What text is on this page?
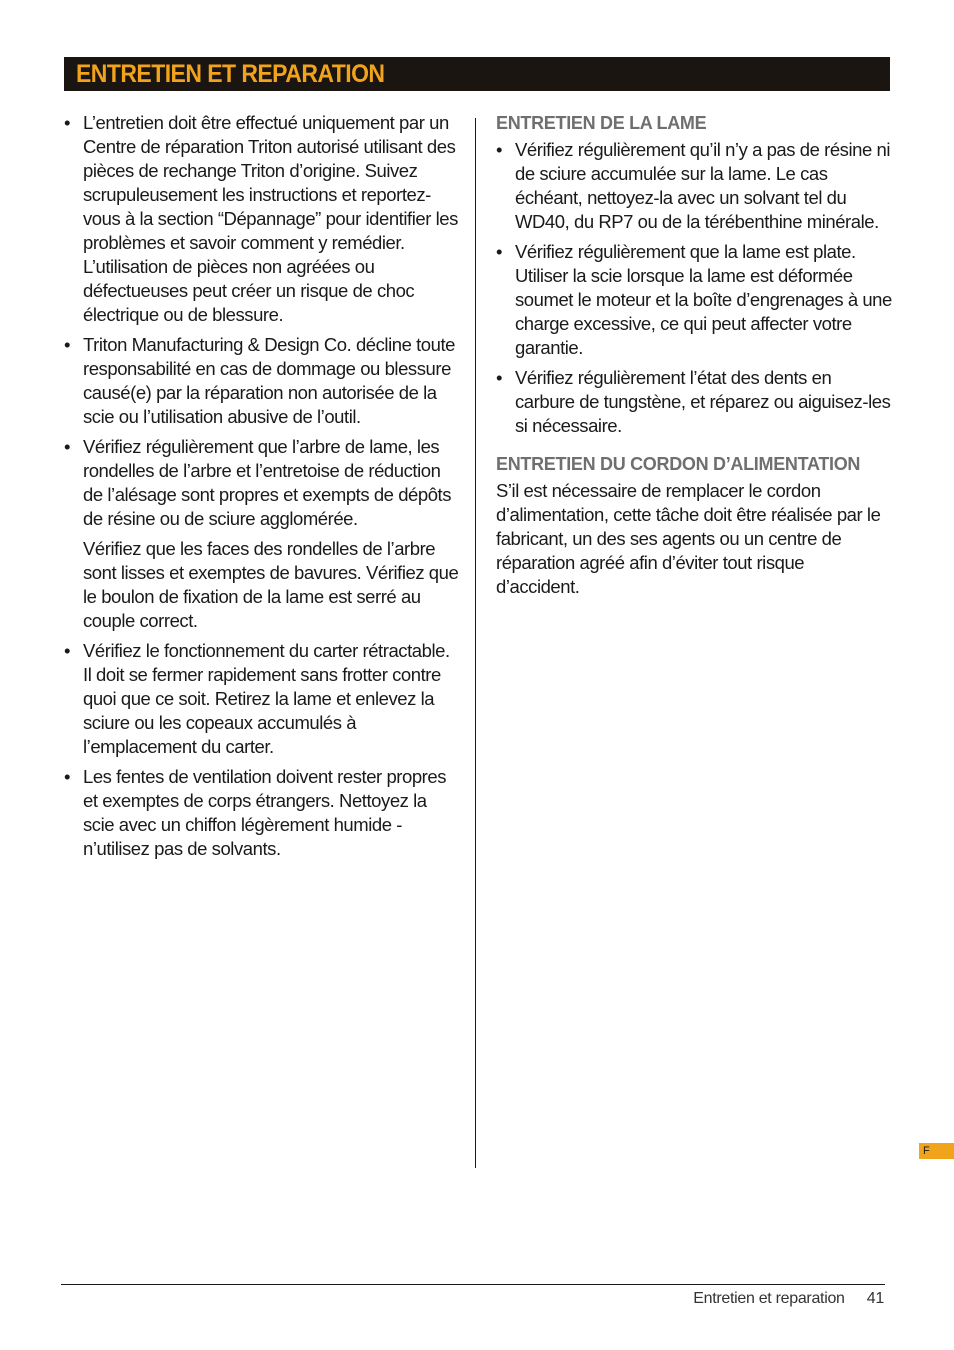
ENTRETIEN ET REPARATION
• L’entretien doit être effectué uniquement par un Centre de réparation Triton autorisé utilisant des pièces de rechange Triton d’origine. Suivez scrupuleusement les instructions et reportez-vous à la section “Dépannage” pour identifier les problèmes et savoir comment y remédier. L’utilisation de pièces non agréées ou défectueuses peut créer un risque de choc électrique ou de blessure.
• Triton Manufacturing & Design Co. décline toute responsabilité en cas de dommage ou blessure causé(e) par la réparation non autorisée de la scie ou l’utilisation abusive de l’outil.
• Vérifiez régulièrement que l’arbre de lame, les rondelles de l’arbre et l’entretoise de réduction de l’alésage sont propres et exempts de dépôts de résine ou de sciure agglomérée.

Vérifiez que les faces des rondelles de l’arbre sont lisses et exemptes de bavures. Vérifiez que le boulon de fixation de la lame est serré au couple correct.

• Vérifiez le fonctionnement du carter rétractable. Il doit se fermer rapidement sans frotter contre quoi que ce soit. Retirez la lame et enlevez la sciure ou les copeaux accumulés à l’emplacement du carter.
• Les fentes de ventilation doivent rester propres et exemptes de corps étrangers. Nettoyez la scie avec un chiffon légèrement humide - n’utilisez pas de solvants.
ENTRETIEN DE LA LAME
• Vérifiez régulièrement qu’il n’y a pas de résine ni de sciure accumulée sur la lame. Le cas échéant, nettoyez-la avec un solvant tel du WD40, du RP7 ou de la térébenthine minérale.
• Vérifiez régulièrement que la lame est plate. Utiliser la scie lorsque la lame est déformée soumet le moteur et la boîte d’engrenages à une charge excessive, ce qui peut affecter votre garantie.
• Vérifiez régulièrement l’état des dents en carbure de tungstène, et réparez ou aiguisez-les si nécessaire.
ENTRETIEN DU CORDON D’ALIMENTATION

S’il est nécessaire de remplacer le cordon d’alimentation, cette tâche doit être réalisée par le fabricant, un des ses agents ou un centre de réparation agréé afin d’éviter tout risque d’accident.

F
Entretien et reparation 41
